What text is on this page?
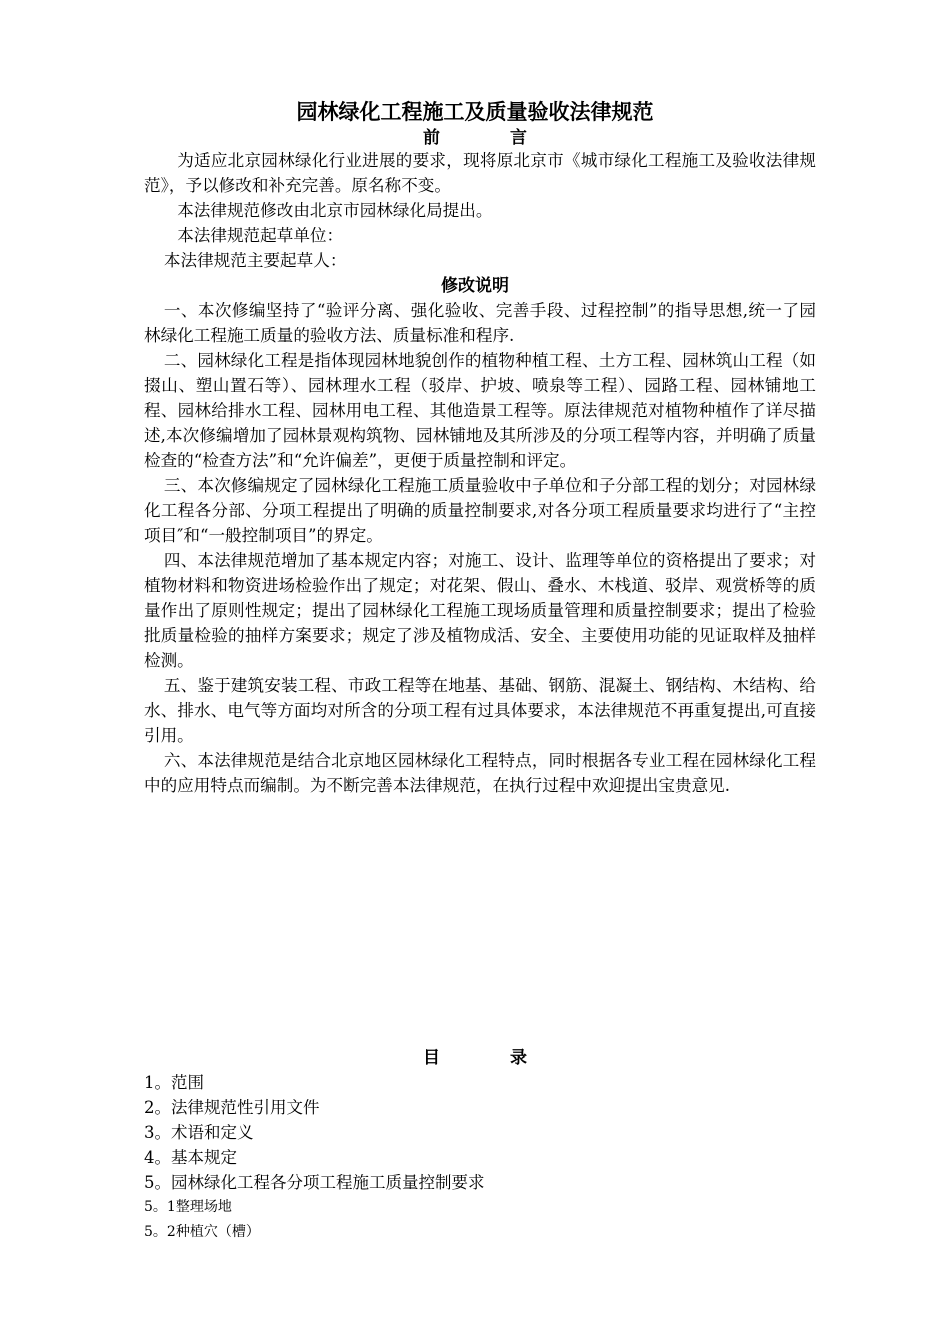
园林绿化工程施工及质量验收法律规范
前	言

为适应北京园林绿化行业进展的要求，现将原北京市《城市绿化工程施工及验收法律规范》，予以修改和补充完善。原名称不变。

本法律规范修改由北京市园林绿化局提出。

本法律规范起草单位：

本法律规范主要起草人：

修改说明

一、本次修编坚持了“验评分离、强化验收、完善手段、过程控制”的指导思想,统一了园林绿化工程施工质量的验收方法、质量标准和程序.

二、园林绿化工程是指体现园林地貌创作的植物种植工程、土方工程、园林筑山工程（如掇山、塑山置石等）、园林理水工程（驳岸、护坡、喷泉等工程）、园路工程、园林铺地工程、园林给排水工程、园林用电工程、其他造景工程等。原法律规范对植物种植作了详尽描述,本次修编增加了园林景观构筑物、园林铺地及其所涉及的分项工程等内容，并明确了质量检查的“检查方法”和“允许偏差”，更便于质量控制和评定。

三、本次修编规定了园林绿化工程施工质量验收中子单位和子分部工程的划分；对园林绿化工程各分部、分项工程提出了明确的质量控制要求,对各分项工程质量要求均进行了“主控项目″和“一般控制项目”的界定。

四、本法律规范增加了基本规定内容；对施工、设计、监理等单位的资格提出了要求；对植物材料和物资进场检验作出了规定；对花架、假山、叠水、木栈道、驳岸、观赏桥等的质量作出了原则性规定；提出了园林绿化工程施工现场质量管理和质量控制要求；提出了检验批质量检验的抽样方案要求；规定了涉及植物成活、安全、主要使用功能的见证取样及抽样检测。

五、鉴于建筑安装工程、市政工程等在地基、基础、钢筋、混凝土、钢结构、木结构、给水、排水、电气等方面均对所含的分项工程有过具体要求，本法律规范不再重复提出,可直接引用。

六、本法律规范是结合北京地区园林绿化工程特点，同时根据各专业工程在园林绿化工程中的应用特点而编制。为不断完善本法律规范，在执行过程中欢迎提出宝贵意见.

目	录

1。范围

2。法律规范性引用文件

3。术语和定义

4。基本规定

5。园林绿化工程各分项工程施工质量控制要求

5。1整理场地

5。2种植穴（槽）
